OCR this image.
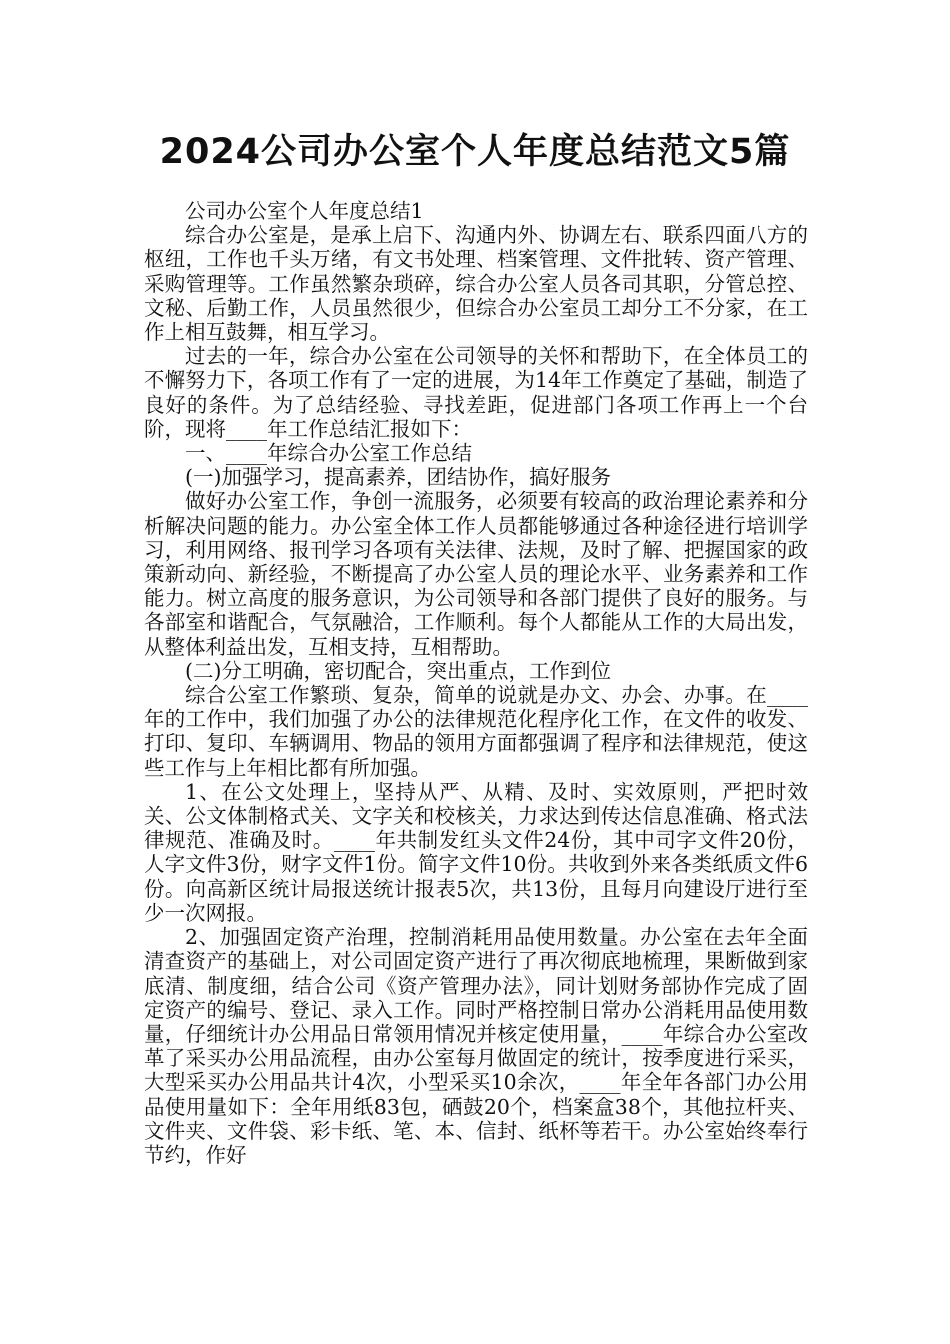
2024公司办公室个人年度总结范文5篇

公司办公室个人年度总结1

综合办公室是，是承上启下、沟通内外、协调左右、联系四面八方的枢纽，工作也千头万绪，有文书处理、档案管理、文件批转、资产管理、采购管理等。工作虽然繁杂琐碎，综合办公室人员各司其职，分管总控、文秘、后勤工作，人员虽然很少，但综合办公室员工却分工不分家，在工作上相互鼓舞，相互学习。

过去的一年，综合办公室在公司领导的关怀和帮助下，在全体员工的不懈努力下，各项工作有了一定的进展，为14年工作奠定了基础，制造了良好的条件。为了总结经验、寻找差距，促进部门各项工作再上一个台阶，现将____年工作总结汇报如下：

一、____年综合办公室工作总结

(一)加强学习，提高素养，团结协作，搞好服务

做好办公室工作，争创一流服务，必须要有较高的政治理论素养和分析解决问题的能力。办公室全体工作人员都能够通过各种途径进行培训学习，利用网络、报刊学习各项有关法律、法规，及时了解、把握国家的政策新动向、新经验，不断提高了办公室人员的理论水平、业务素养和工作能力。树立高度的服务意识，为公司领导和各部门提供了良好的服务。与各部室和谐配合，气氛融洽，工作顺利。每个人都能从工作的大局出发，从整体利益出发，互相支持，互相帮助。

(二)分工明确，密切配合，突出重点，工作到位

综合公室工作繁琐、复杂，简单的说就是办文、办会、办事。在____年的工作中，我们加强了办公的法律规范化程序化工作，在文件的收发、打印、复印、车辆调用、物品的领用方面都强调了程序和法律规范，使这些工作与上年相比都有所加强。

1、在公文处理上，坚持从严、从精、及时、实效原则，严把时效关、公文体制格式关、文字关和校核关，力求达到传达信息准确、格式法律规范、准确及时。____年共制发红头文件24份，其中司字文件20份，人字文件3份，财字文件1份。简字文件10份。共收到外来各类纸质文件6份。向高新区统计局报送统计报表5次，共13份，且每月向建设厅进行至少一次网报。

2、加强固定资产治理，控制消耗用品使用数量。办公室在去年全面清查资产的基础上，对公司固定资产进行了再次彻底地梳理，果断做到家底清、制度细，结合公司《资产管理办法》，同计划财务部协作完成了固定资产的编号、登记、录入工作。同时严格控制日常办公消耗用品使用数量，仔细统计办公用品日常领用情况并核定使用量，____年综合办公室改革了采买办公用品流程，由办公室每月做固定的统计，按季度进行采买，大型采买办公用品共计4次，小型采买10余次，____年全年各部门办公用品使用量如下：全年用纸83包，硒鼓20个，档案盒38个，其他拉杆夹、文件夹、文件袋、彩卡纸、笔、本、信封、纸杯等若干。办公室始终奉行节约，作好
